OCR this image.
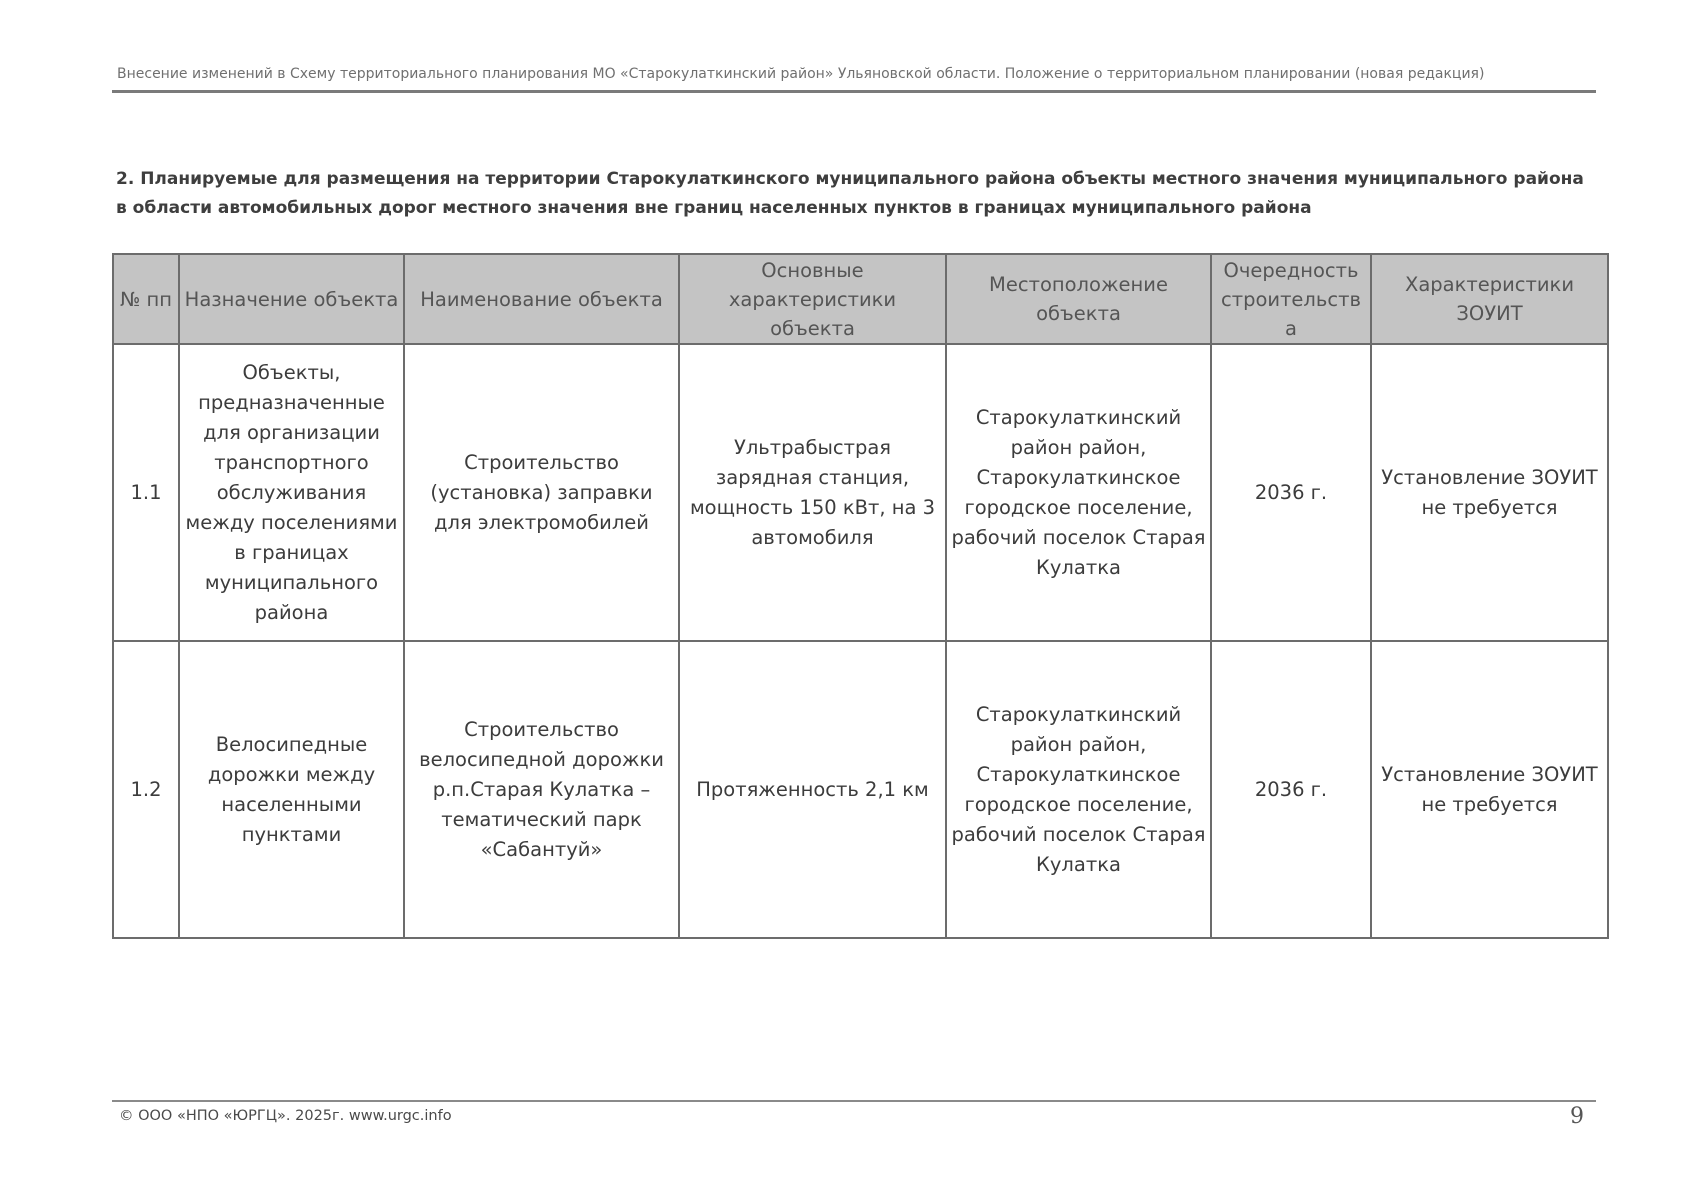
Внесение изменений в Схему территориального планирования МО «Старокулаткинский район» Ульяновской области. Положение о территориальном планировании (новая редакция)
2. Планируемые для размещения на территории Старокулаткинского муниципального района объекты местного значения муниципального района в области автомобильных дорог местного значения вне границ населенных пунктов в границах муниципального района
№ пп	Назначение объекта	Наименование объекта	Основные характеристики объекта	Местоположение объекта	Очередность строительства	Характеристики ЗОУИТ
1.1	Объекты, предназначенные для организации транспортного обслуживания между поселениями в границах муниципального района	Строительство (установка) заправки для электромобилей	Ультрабыстрая зарядная станция, мощность 150 кВт, на 3 автомобиля	Старокулаткинский район район, Старокулаткинское городское поселение, рабочий поселок Старая Кулатка	2036 г.	Установление ЗОУИТ не требуется
1.2	Велосипедные дорожки между населенными пунктами	Строительство велосипедной дорожки р.п.Старая Кулатка – тематический парк «Сабантуй»	Протяженность 2,1 км	Старокулаткинский район район, Старокулаткинское городское поселение, рабочий поселок Старая Кулатка	2036 г.	Установление ЗОУИТ не требуется
© ООО «НПО «ЮРГЦ». 2025г. www.urgc.info	9
